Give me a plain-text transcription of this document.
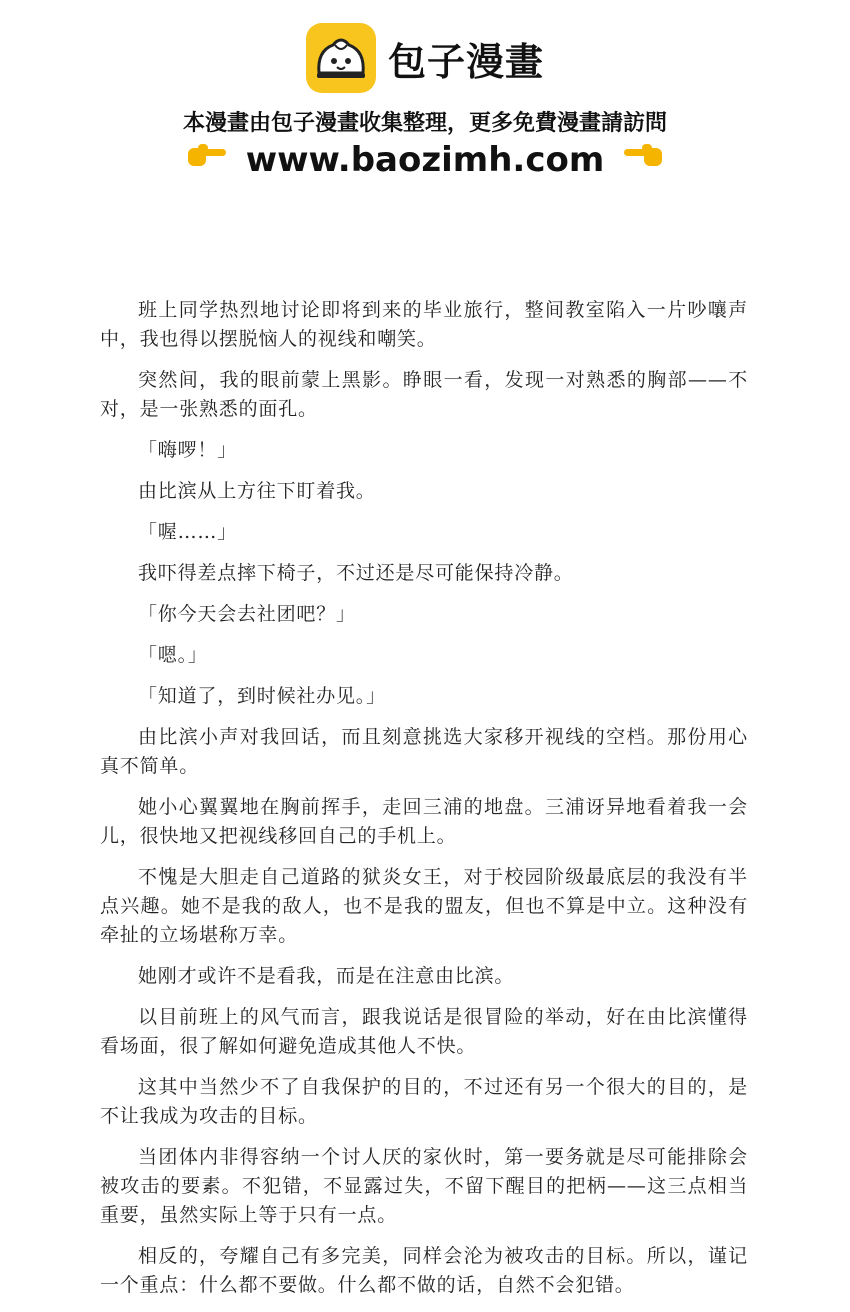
包子漫畫
本漫畫由包子漫畫收集整理，更多免費漫畫請訪問
www.baozimh.com

班上同学热烈地讨论即将到来的毕业旅行，整间教室陷入一片吵嚷声中，我也得以摆脱恼人的视线和嘲笑。

突然间，我的眼前蒙上黑影。睁眼一看，发现一对熟悉的胸部——不对，是一张熟悉的面孔。

「嗨啰！」

由比滨从上方往下盯着我。

「喔……」

我吓得差点摔下椅子，不过还是尽可能保持冷静。

「你今天会去社团吧？」

「嗯。」

「知道了，到时候社办见。」

由比滨小声对我回话，而且刻意挑选大家移开视线的空档。那份用心真不简单。

她小心翼翼地在胸前挥手，走回三浦的地盘。三浦讶异地看着我一会儿，很快地又把视线移回自己的手机上。

不愧是大胆走自己道路的狱炎女王，对于校园阶级最底层的我没有半点兴趣。她不是我的敌人，也不是我的盟友，但也不算是中立。这种没有牵扯的立场堪称万幸。

她刚才或许不是看我，而是在注意由比滨。

以目前班上的风气而言，跟我说话是很冒险的举动，好在由比滨懂得看场面，很了解如何避免造成其他人不快。

这其中当然少不了自我保护的目的，不过还有另一个很大的目的，是不让我成为攻击的目标。

当团体内非得容纳一个讨人厌的家伙时，第一要务就是尽可能排除会被攻击的要素。不犯错，不显露过失，不留下醒目的把柄——这三点相当重要，虽然实际上等于只有一点。

相反的，夸耀自己有多完美，同样会沦为被攻击的目标。所以，谨记一个重点：什么都不要做。什么都不做的话，自然不会犯错。
